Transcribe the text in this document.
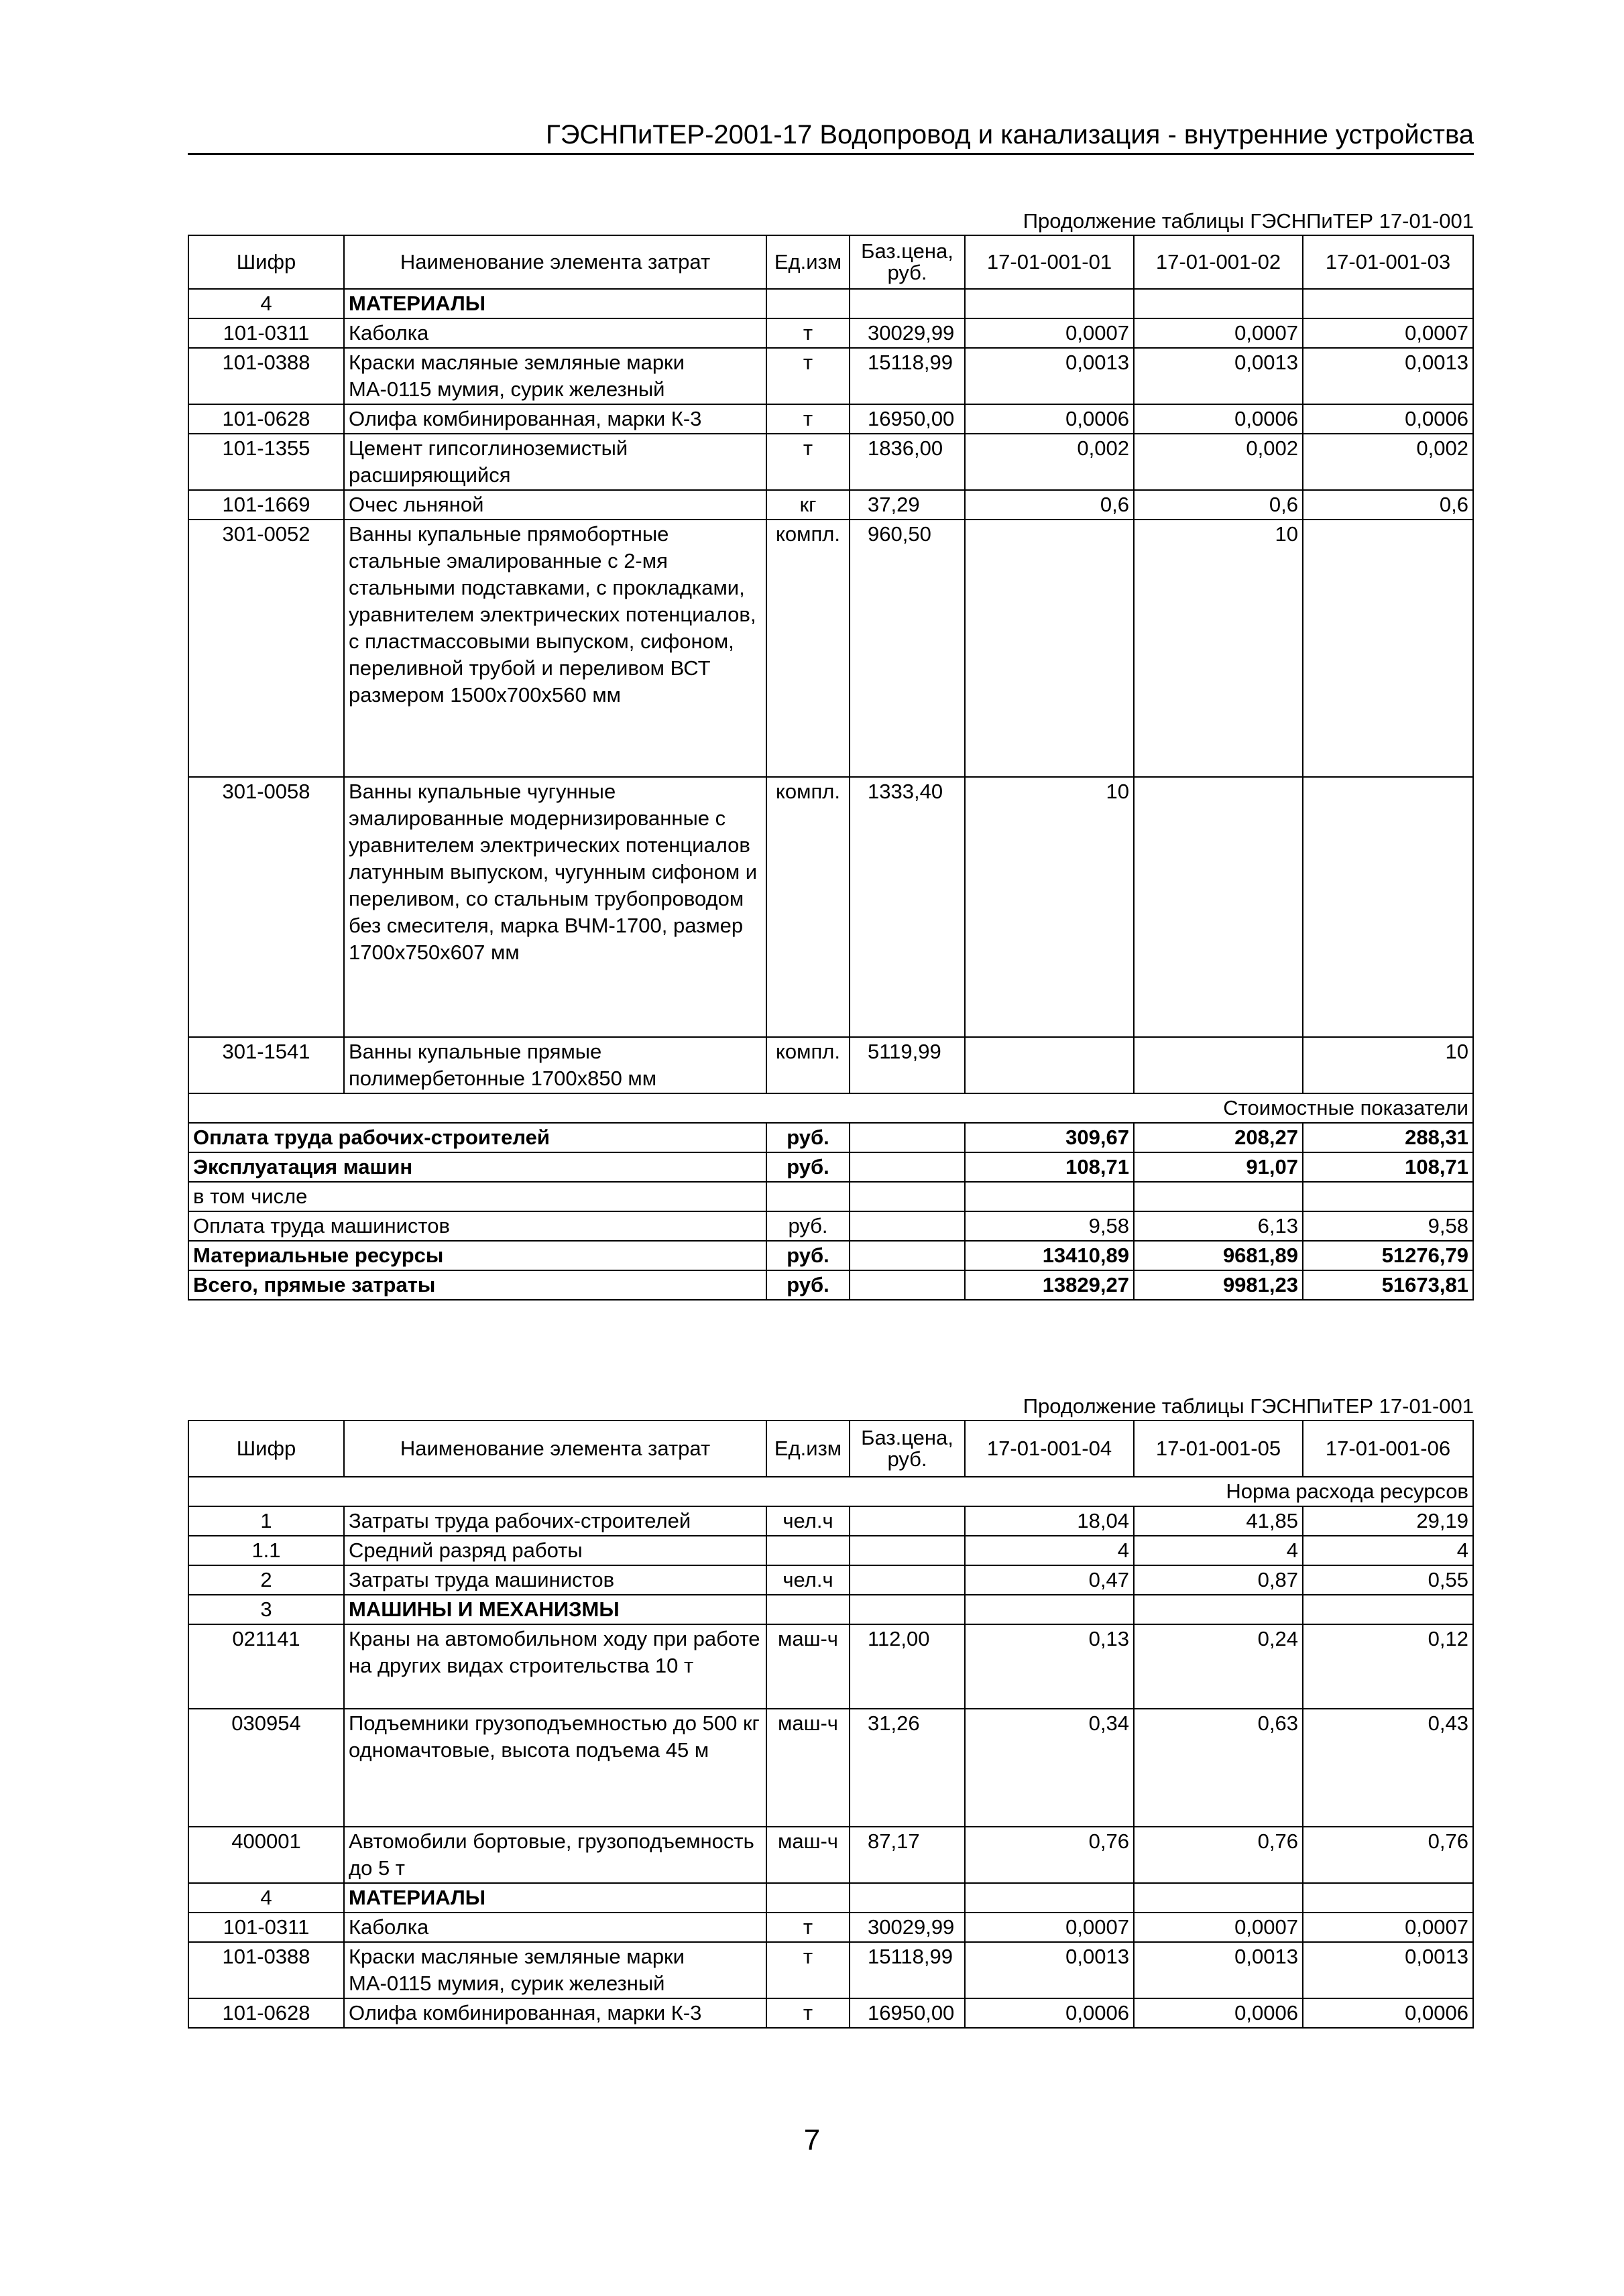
ГЭСНПиТЕР-2001-17 Водопровод и канализация - внутренние устройства
Продолжение таблицы ГЭСНПиТЕР 17-01-001
Шифр	Наименование элемента затрат	Ед.изм	Баз.цена, руб.	17-01-001-01	17-01-001-02	17-01-001-03
4	МАТЕРИАЛЫ					
101-0311	Каболка	т	30029,99	0,0007	0,0007	0,0007
101-0388	Краски масляные земляные марки МА-0115 мумия, сурик железный	т	15118,99	0,0013	0,0013	0,0013
101-0628	Олифа комбинированная, марки К-3	т	16950,00	0,0006	0,0006	0,0006
101-1355	Цемент гипсоглиноземистый расширяющийся	т	1836,00	0,002	0,002	0,002
101-1669	Очес льняной	кг	37,29	0,6	0,6	0,6
301-0052	Ванны купальные прямобортные стальные эмалированные с 2-мя стальными подставками, с прокладками, уравнителем электрических потенциалов, с пластмассовыми выпуском, сифоном, переливной трубой и переливом ВСТ размером 1500х700х560 мм	компл.	960,50		10	
301-0058	Ванны купальные чугунные эмалированные модернизированные с уравнителем электрических потенциалов латунным выпуском, чугунным сифоном и переливом, со стальным трубопроводом без смесителя, марка ВЧМ-1700, размер 1700х750х607 мм	компл.	1333,40	10		
301-1541	Ванны купальные прямые полимербетонные 1700х850 мм	компл.	5119,99			10
Стоимостные показатели						
Оплата труда рабочих-строителей		руб.		309,67	208,27	288,31
Эксплуатация машин		руб.		108,71	91,07	108,71
в том числе						
Оплата труда машинистов		руб.		9,58	6,13	9,58
Материальные ресурсы		руб.		13410,89	9681,89	51276,79
Всего, прямые затраты		руб.		13829,27	9981,23	51673,81
Продолжение таблицы ГЭСНПиТЕР 17-01-001
Шифр	Наименование элемента затрат	Ед.изм	Баз.цена, руб.	17-01-001-04	17-01-001-05	17-01-001-06
Норма расхода ресурсов						
1	Затраты труда рабочих-строителей	чел.ч		18,04	41,85	29,19
1.1	Средний разряд работы			4	4	4
2	Затраты труда машинистов	чел.ч		0,47	0,87	0,55
3	МАШИНЫ И МЕХАНИЗМЫ					
021141	Краны на автомобильном ходу при работе на других видах строительства 10 т	маш-ч	112,00	0,13	0,24	0,12
030954	Подъемники грузоподъемностью до 500 кг одномачтовые, высота подъема 45 м	маш-ч	31,26	0,34	0,63	0,43
400001	Автомобили бортовые, грузоподъемность до 5 т	маш-ч	87,17	0,76	0,76	0,76
4	МАТЕРИАЛЫ					
101-0311	Каболка	т	30029,99	0,0007	0,0007	0,0007
101-0388	Краски масляные земляные марки МА-0115 мумия, сурик железный	т	15118,99	0,0013	0,0013	0,0013
101-0628	Олифа комбинированная, марки К-3	т	16950,00	0,0006	0,0006	0,0006
7
